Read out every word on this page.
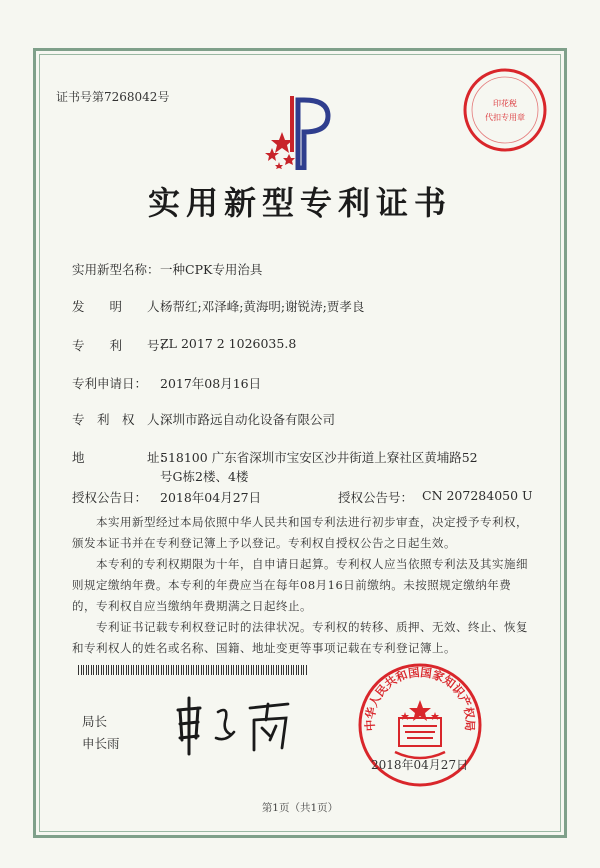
证书号第7268042号	印花税
代扣专用章
实用新型专利证书
实用新型名称： 一种CPK专用治具
发　　明　　人：
杨帮红;邓泽峰;黄海明;谢锐涛;贾孝良
专　　利　　号：
ZL 2017 2 1026035.8
专利申请日： 2017年08月16日
专　利　权　人：
深圳市路远自动化设备有限公司
地　　　　　址：
518100 广东省深圳市宝安区沙井街道上寮社区黄埔路52
号G栋2楼、4楼
授权公告日： 2018年04月27日	授权公告号： CN 207284050 U

本实用新型经过本局依照中华人民共和国专利法进行初步审查，决定授予专利权，颁发本证书并在专利登记簿上予以登记。专利权自授权公告之日起生效。

本专利的专利权期限为十年，自申请日起算。专利权人应当依照专利法及其实施细则规定缴纳年费。本专利的年费应当在每年08月16日前缴纳。未按照规定缴纳年费的，专利权自应当缴纳年费期满之日起终止。

专利证书记载专利权登记时的法律状况。专利权的转移、质押、无效、终止、恢复和专利权人的姓名或名称、国籍、地址变更等事项记载在专利登记簿上。

局长
申长雨
中华人民共和国国家知识产权局
2018年04月27日
第1页（共1页）
